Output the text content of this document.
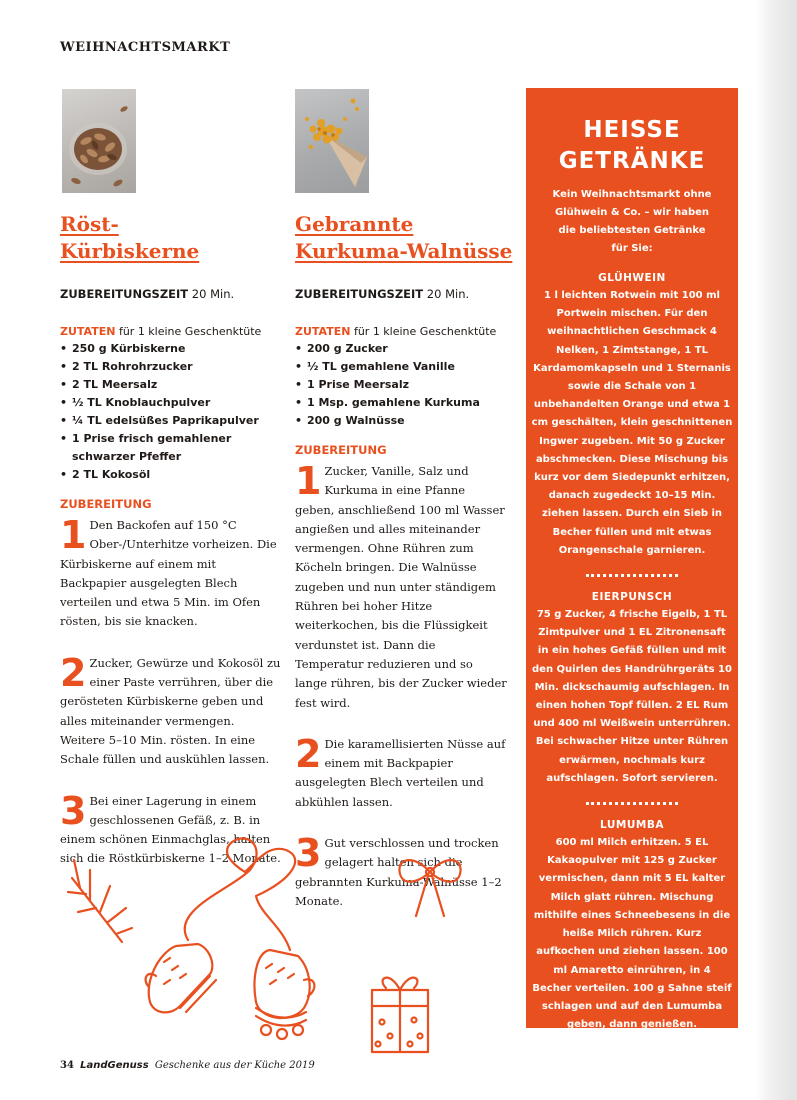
WEIHNACHTSMARKT
Röst-
Kürbiskerne

ZUBEREITUNGSZEIT 20 Min.

ZUTATEN für 1 kleine Geschenktüte

• 250 g Kürbiskerne
• 2 TL Rohrohrzucker
• 2 TL Meersalz
• ½ TL Knoblauchpulver
• ¼ TL edelsüßes Paprikapulver
• 1 Prise frisch gemahlener schwarzer Pfeffer
• 2 TL Kokosöl

ZUBEREITUNG

1 Den Backofen auf 150 °C Ober-/Unterhitze vorheizen. Die Kürbiskerne auf einem mit Backpapier ausgelegten Blech verteilen und etwa 5 Min. im Ofen rösten, bis sie knacken.
2 Zucker, Gewürze und Kokosöl zu einer Paste verrühren, über die gerösteten Kürbiskerne geben und alles miteinander vermengen. Weitere 5–10 Min. rösten. In eine Schale füllen und auskühlen lassen.
3 Bei einer Lagerung in einem geschlossenen Gefäß, z. B. in einem schönen Einmachglas, halten sich die Röstkürbiskerne 1–2 Monate.
Gebrannte
Kurkuma-Walnüsse

ZUBEREITUNGSZEIT 20 Min.

ZUTATEN für 1 kleine Geschenktüte

• 200 g Zucker
• ½ TL gemahlene Vanille
• 1 Prise Meersalz
• 1 Msp. gemahlene Kurkuma
• 200 g Walnüsse

ZUBEREITUNG

1 Zucker, Vanille, Salz und Kurkuma in eine Pfanne geben, anschließend 100 ml Wasser angießen und alles miteinander vermengen. Ohne Rühren zum Köcheln bringen. Die Walnüsse zugeben und nun unter ständigem Rühren bei hoher Hitze weiterkochen, bis die Flüssigkeit verdunstet ist. Dann die Temperatur reduzieren und so lange rühren, bis der Zucker wieder fest wird.
2 Die karamellisierten Nüsse auf einem mit Backpapier ausgelegten Blech verteilen und abkühlen lassen.
3 Gut verschlossen und trocken gelagert halten sich die gebrannten Kurkuma-Walnüsse 1–2 Monate.
HEISSE
GETRÄNKE

Kein Weihnachtsmarkt ohne Glühwein & Co. – wir haben die beliebtesten Getränke für Sie:

GLÜHWEIN

1 l leichten Rotwein mit 100 ml Portwein mischen. Für den weihnachtlichen Geschmack 4 Nelken, 1 Zimtstange, 1 TL Kardamomkapseln und 1 Sternanis sowie die Schale von 1 unbehandelten Orange und etwa 1 cm geschälten, klein geschnittenen Ingwer zugeben. Mit 50 g Zucker abschmecken. Diese Mischung bis kurz vor dem Siedepunkt erhitzen, danach zugedeckt 10–15 Min. ziehen lassen. Durch ein Sieb in Becher füllen und mit etwas Orangenschale garnieren.

EIERPUNSCH

75 g Zucker, 4 frische Eigelb, 1 TL Zimtpulver und 1 EL Zitronensaft in ein hohes Gefäß füllen und mit den Quirlen des Handrührgeräts 10 Min. dickschaumig aufschlagen. In einen hohen Topf füllen. 2 EL Rum und 400 ml Weißwein unterrühren. Bei schwacher Hitze unter Rühren erwärmen, nochmals kurz aufschlagen. Sofort servieren.

LUMUMBA

600 ml Milch erhitzen. 5 EL Kakaopulver mit 125 g Zucker vermischen, dann mit 5 EL kalter Milch glatt rühren. Mischung mithilfe eines Schneebesens in die heiße Milch rühren. Kurz aufkochen und ziehen lassen. 100 ml Amaretto einrühren, in 4 Becher verteilen. 100 g Sahne steif schlagen und auf den Lumumba geben, dann genießen.

34 LandGenuss Geschenke aus der Küche 2019
